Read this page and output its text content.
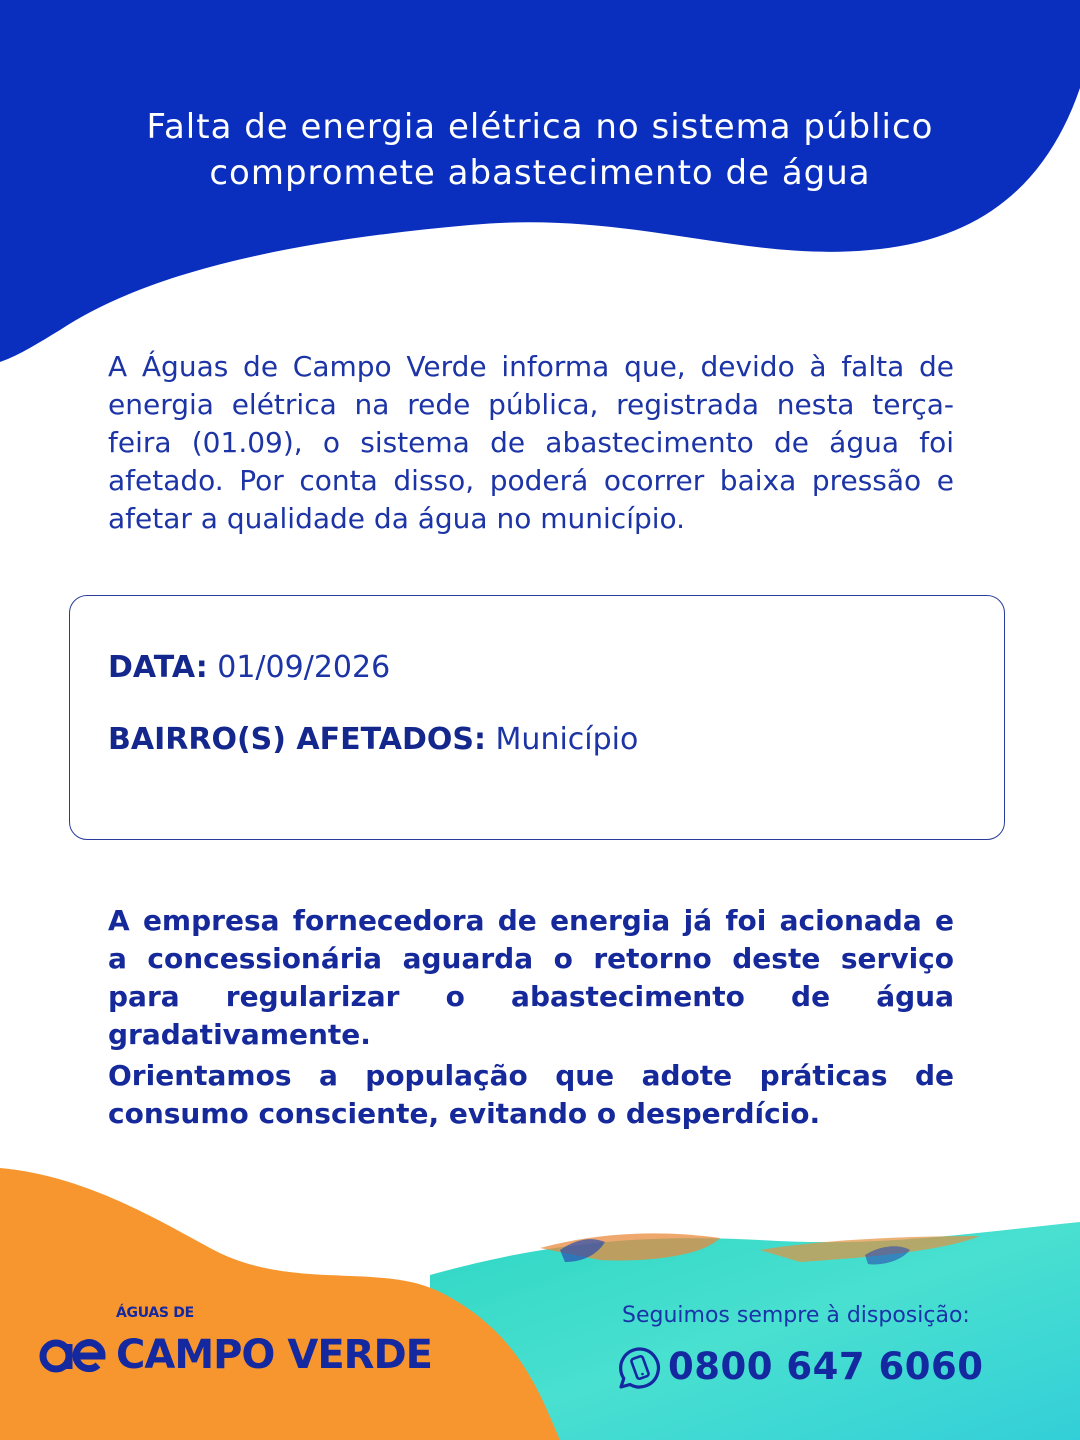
Falta de energia elétrica no sistema público
compromete abastecimento de água

A Águas de Campo Verde informa que, devido à falta de energia elétrica na rede pública, registrada nesta terça-feira (01.09), o sistema de abastecimento de água foi afetado. Por conta disso, poderá ocorrer baixa pressão e afetar a qualidade da água no município.

DATA: 01/09/2026
BAIRRO(S) AFETADOS: Município

A empresa fornecedora de energia já foi acionada e a concessionária aguarda o retorno deste serviço para regularizar o abastecimento de água gradativamente.

Orientamos a população que adote práticas de consumo consciente, evitando o desperdício.

ÁGUAS DE
CAMPO VERDE
Seguimos sempre à disposição:
0800 647 6060
